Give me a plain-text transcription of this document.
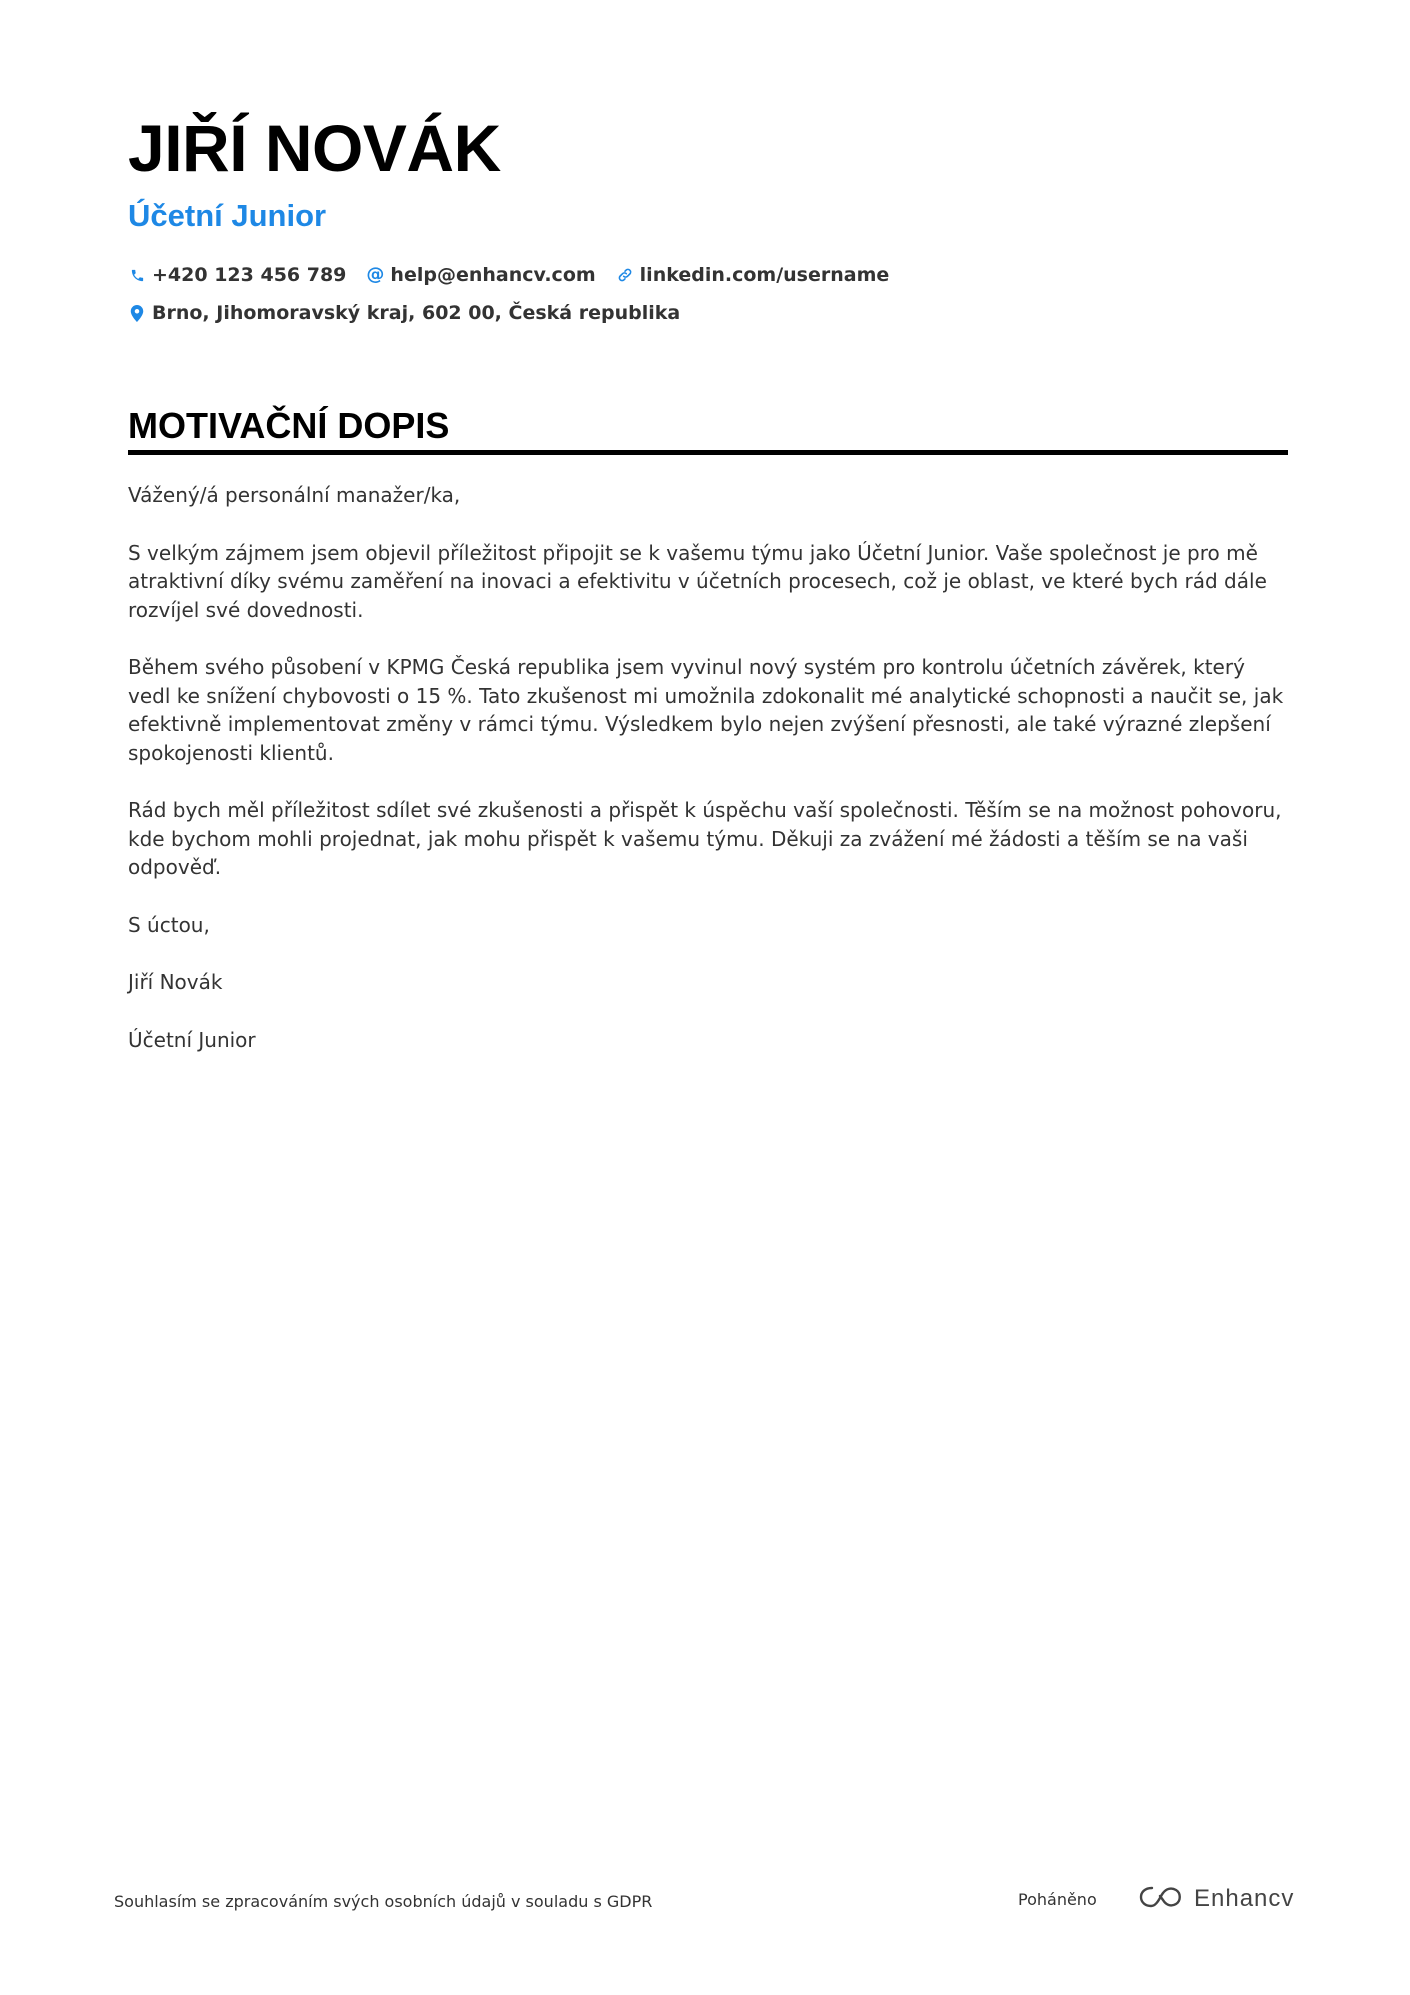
JIŘÍ NOVÁK
Účetní Junior
+420 123 456 789 @ help@enhancv.com linkedin.com/username
Brno, Jihomoravský kraj, 602 00, Česká republika
MOTIVAČNÍ DOPIS

Vážený/á personální manažer/ka,

S velkým zájmem jsem objevil příležitost připojit se k vašemu týmu jako Účetní Junior. Vaše společnost je pro mě atraktivní díky svému zaměření na inovaci a efektivitu v účetních procesech, což je oblast, ve které bych rád dále rozvíjel své dovednosti.

Během svého působení v KPMG Česká republika jsem vyvinul nový systém pro kontrolu účetních závěrek, který vedl ke snížení chybovosti o 15 %. Tato zkušenost mi umožnila zdokonalit mé analytické schopnosti a naučit se, jak efektivně implementovat změny v rámci týmu. Výsledkem bylo nejen zvýšení přesnosti, ale také výrazné zlepšení spokojenosti klientů.

Rád bych měl příležitost sdílet své zkušenosti a přispět k úspěchu vaší společnosti. Těším se na možnost pohovoru, kde bychom mohli projednat, jak mohu přispět k vašemu týmu. Děkuji za zvážení mé žádosti a těším se na vaši odpověď.

S úctou,

Jiří Novák

Účetní Junior

Souhlasím se zpracováním svých osobních údajů v souladu s GDPR	Poháněno	Enhancv
